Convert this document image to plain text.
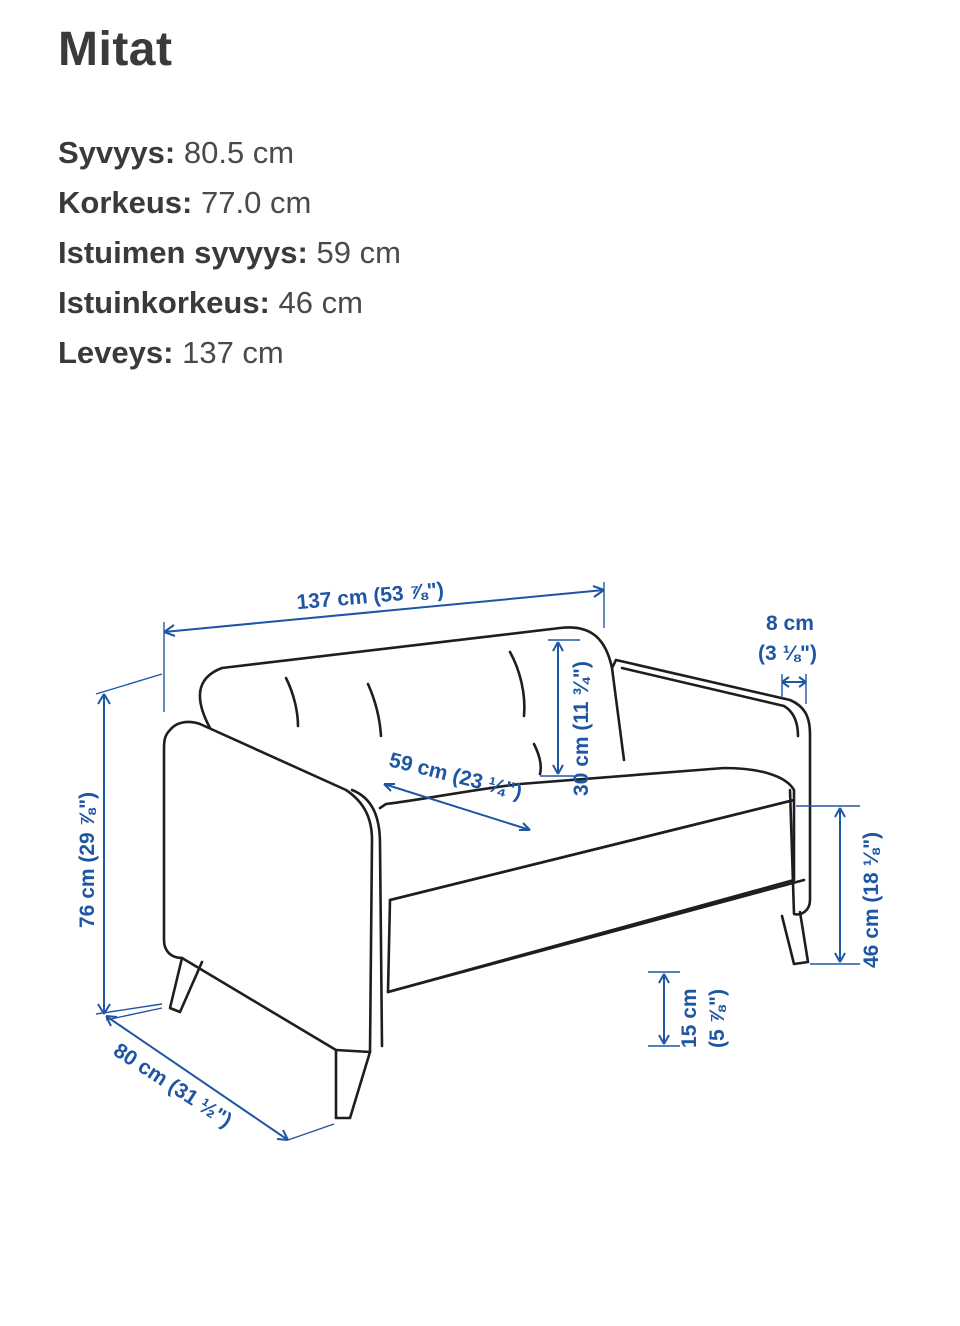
Mitat
Syvyys: 80.5 cm
Korkeus: 77.0 cm
Istuimen syvyys: 59 cm
Istuinkorkeus: 46 cm
Leveys: 137 cm
137 cm (53 ⅞")
8 cm
(3 ⅛")
76 cm (29 ⅞")
30 cm (11 ¾")
59 cm (23 ¼")
46 cm (18 ⅛")
15 cm (5 ⅞")
80 cm (31 ½")
